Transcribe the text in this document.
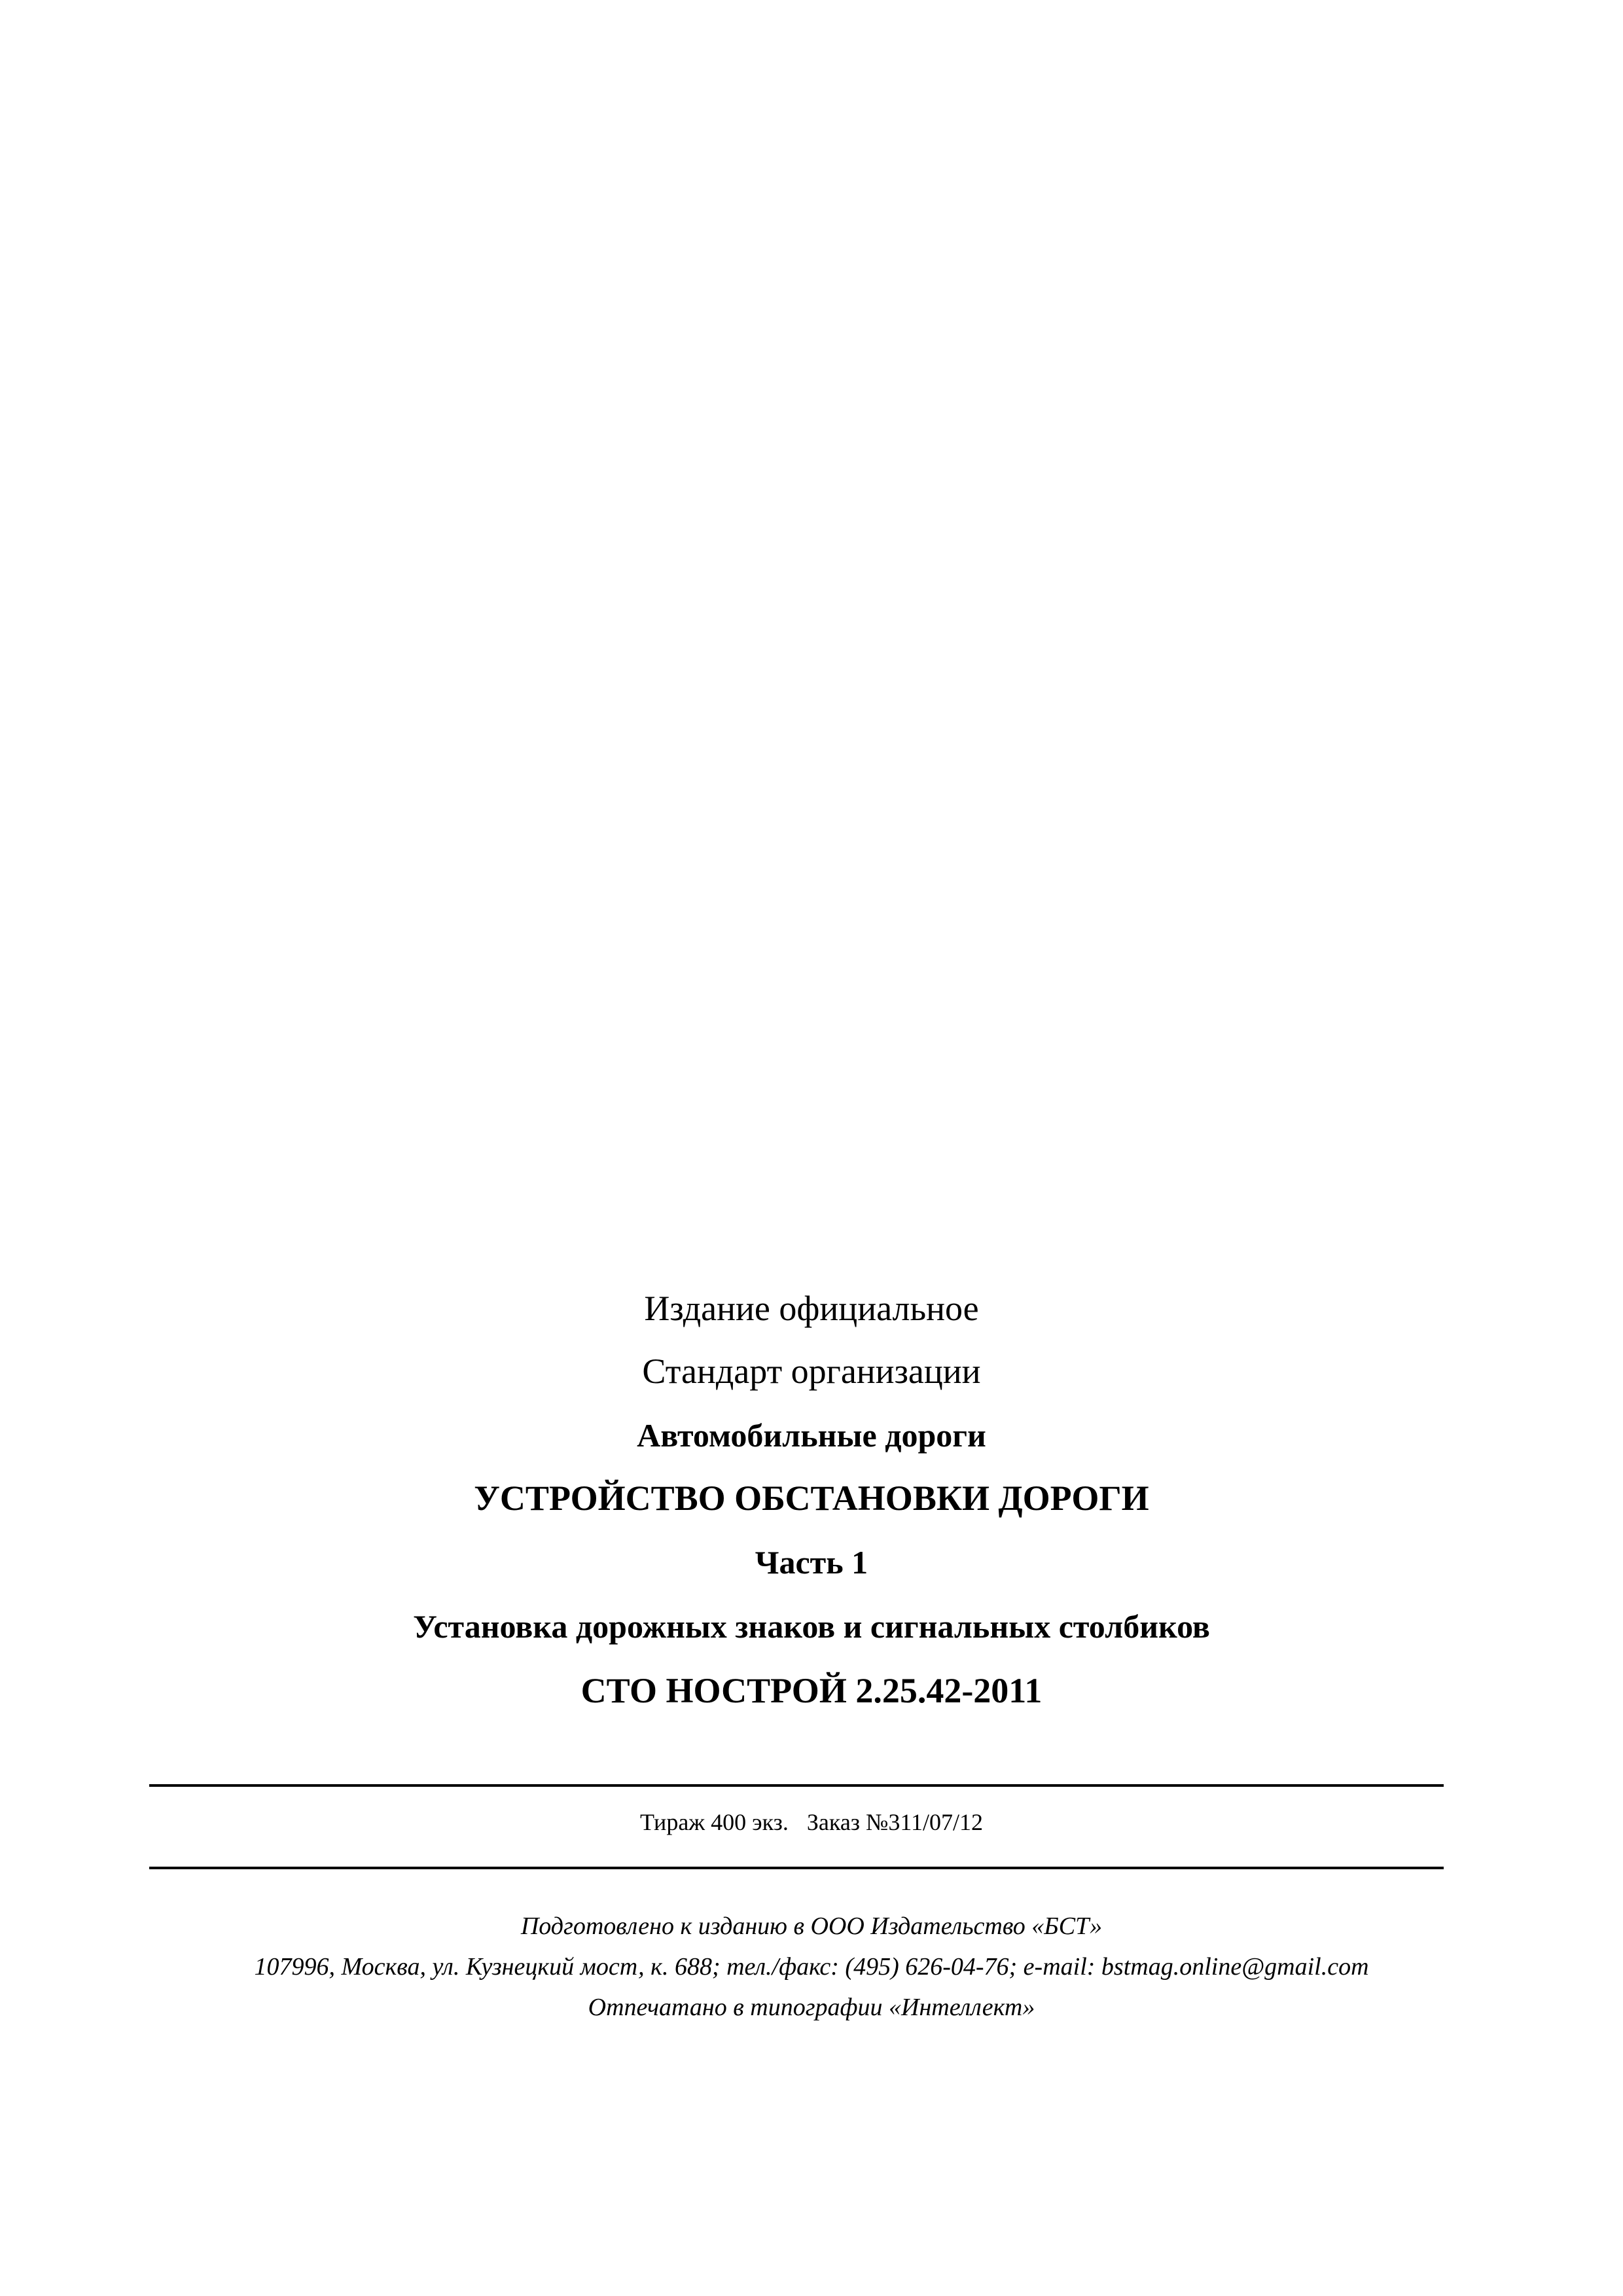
Издание официальное
Стандарт организации
Автомобильные дороги
УСТРОЙСТВО ОБСТАНОВКИ ДОРОГИ
Часть 1
Установка дорожных знаков и сигнальных столбиков
СТО НОСТРОЙ 2.25.42-2011
Тираж 400 экз. Заказ №311/07/12
Подготовлено к изданию в ООО Издательство «БСТ»
107996, Москва, ул. Кузнецкий мост, к. 688; тел./факс: (495) 626-04-76; e-mail: bstmag.online@gmail.com
Отпечатано в типографии «Интеллект»
